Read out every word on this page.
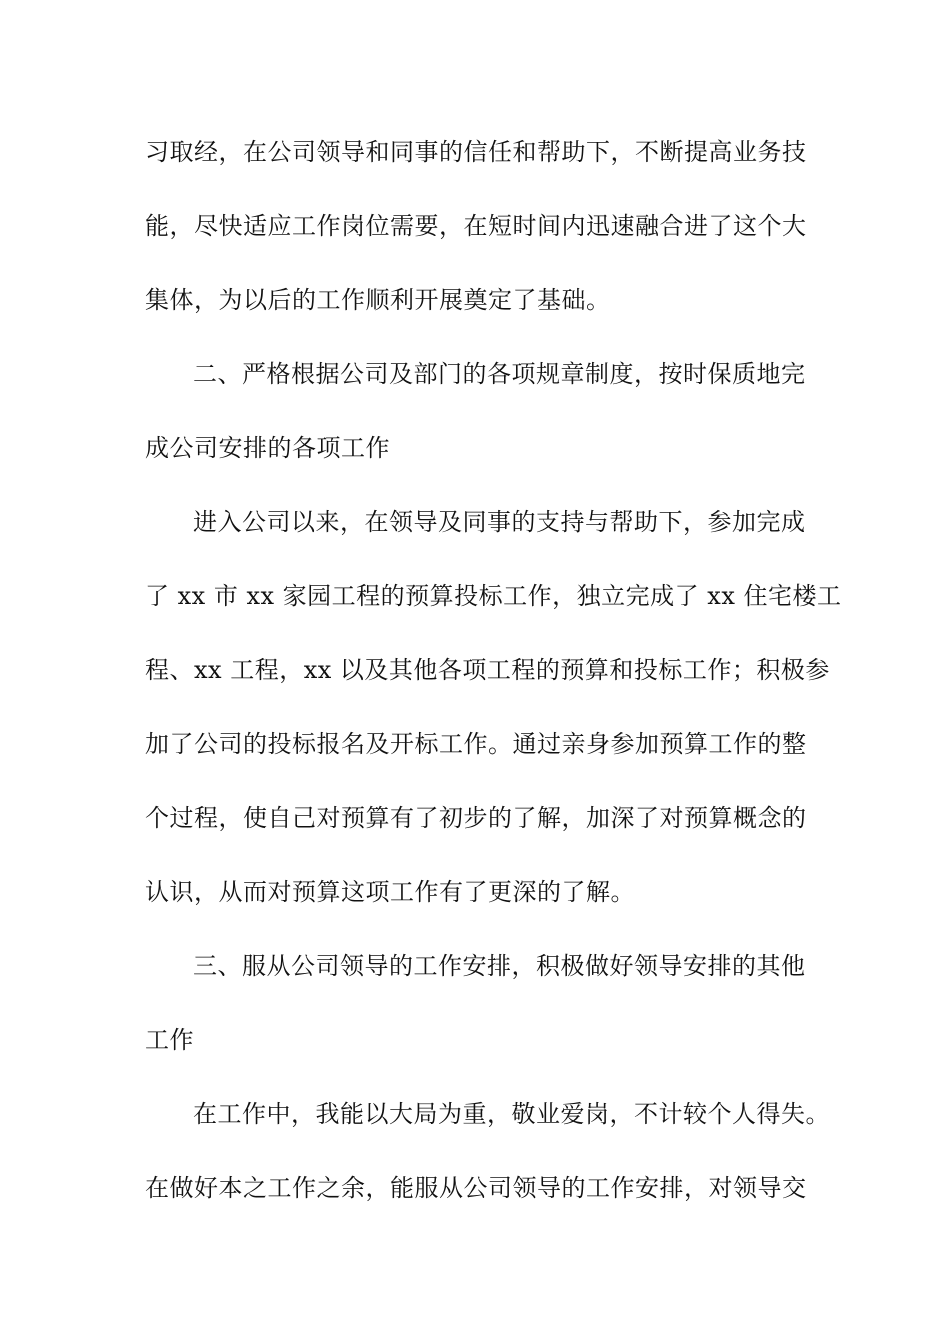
习取经，在公司领导和同事的信任和帮助下，不断提高业务技
能，尽快适应工作岗位需要，在短时间内迅速融合进了这个大
集体，为以后的工作顺利开展奠定了基础。
二、严格根据公司及部门的各项规章制度，按时保质地完
成公司安排的各项工作
进入公司以来，在领导及同事的支持与帮助下，参加完成
了 xx 市 xx 家园工程的预算投标工作，独立完成了 xx 住宅楼工
程、xx 工程，xx 以及其他各项工程的预算和投标工作；积极参
加了公司的投标报名及开标工作。通过亲身参加预算工作的整
个过程，使自己对预算有了初步的了解，加深了对预算概念的
认识，从而对预算这项工作有了更深的了解。
三、服从公司领导的工作安排，积极做好领导安排的其他
工作
在工作中，我能以大局为重，敬业爱岗，不计较个人得失。
在做好本之工作之余，能服从公司领导的工作安排，对领导交
